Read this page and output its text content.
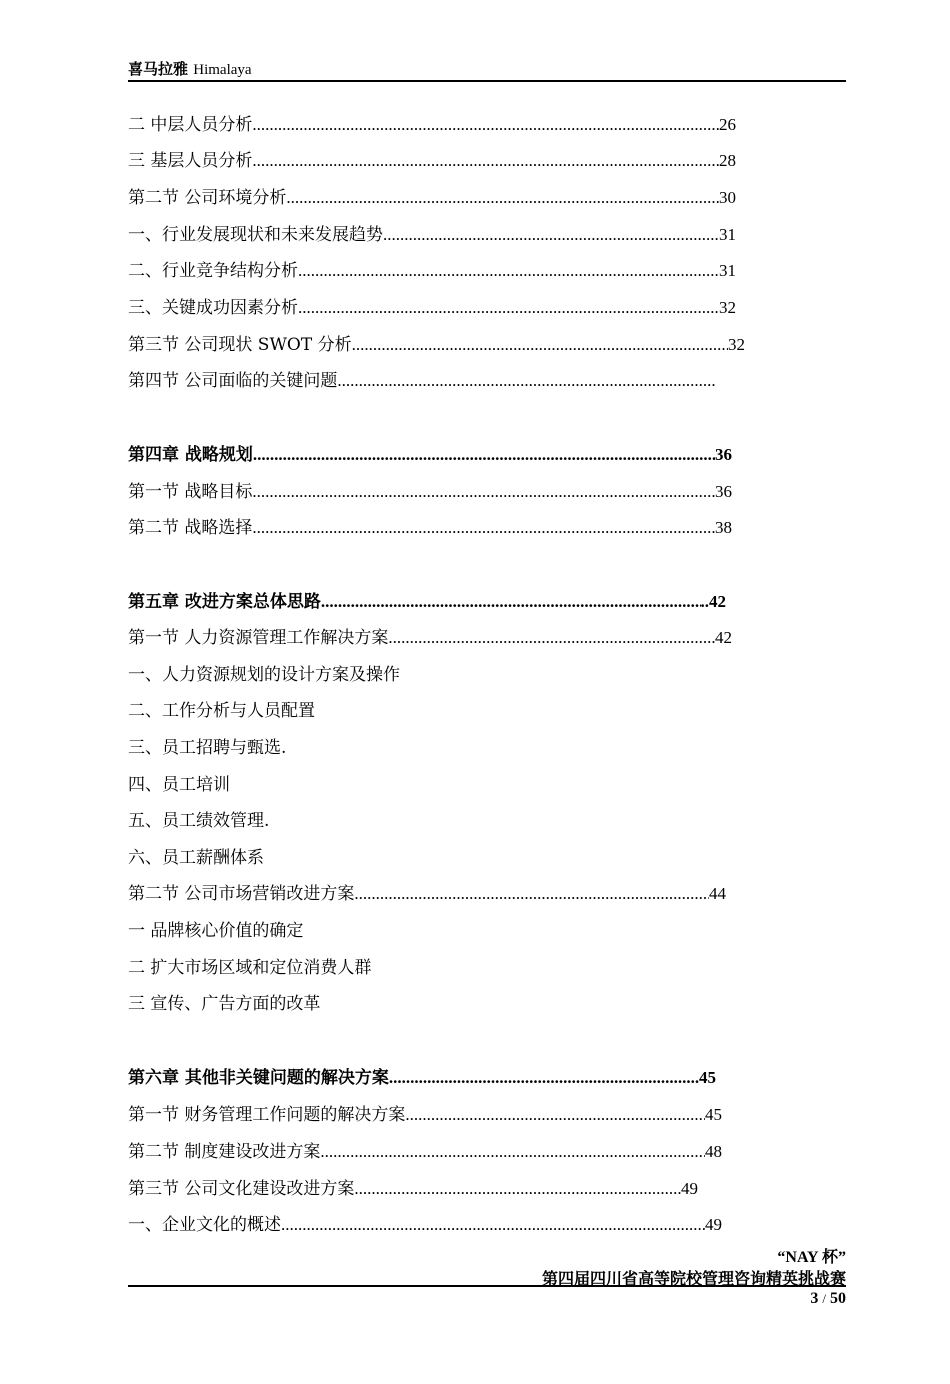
喜马拉雅 Himalaya
二 中层人员分析 .....	26
三 基层人员分析 .....	28
第二节 公司环境分析 .....	30
一、行业发展现状和未来发展趋势 .....	31
二、行业竞争结构分析 .....	31
三、关键成功因素分析 .....	32
第三节 公司现状 SWOT 分析 .....	32
第四节 公司面临的关键问题
.....
第四章 战略规划 .....	36
第一节 战略目标 .....	36
第二节 战略选择 .....	38
第五章 改进方案总体思路 .....	..42
第一节 人力资源管理工作解决方案 .....	42
一、人力资源规划的设计方案及操作
二、工作分析与人员配置
三、员工招聘与甄选.
四、员工培训
五、员工绩效管理.
六、员工薪酬体系
第二节 公司市场营销改进方案 .....	44
一 品牌核心价值的确定
二 扩大市场区域和定位消费人群
三 宣传、广告方面的改革
第六章 其他非关键问题的解决方案 .....	45
第一节 财务管理工作问题的解决方案 .....	45
第二节 制度建设改进方案 .....	48
第三节 公司文化建设改进方案 .....	49
一、企业文化的概述 .....	49
“NAY 杯”
第四届四川省高等院校管理咨询精英挑战赛
3 / 50
